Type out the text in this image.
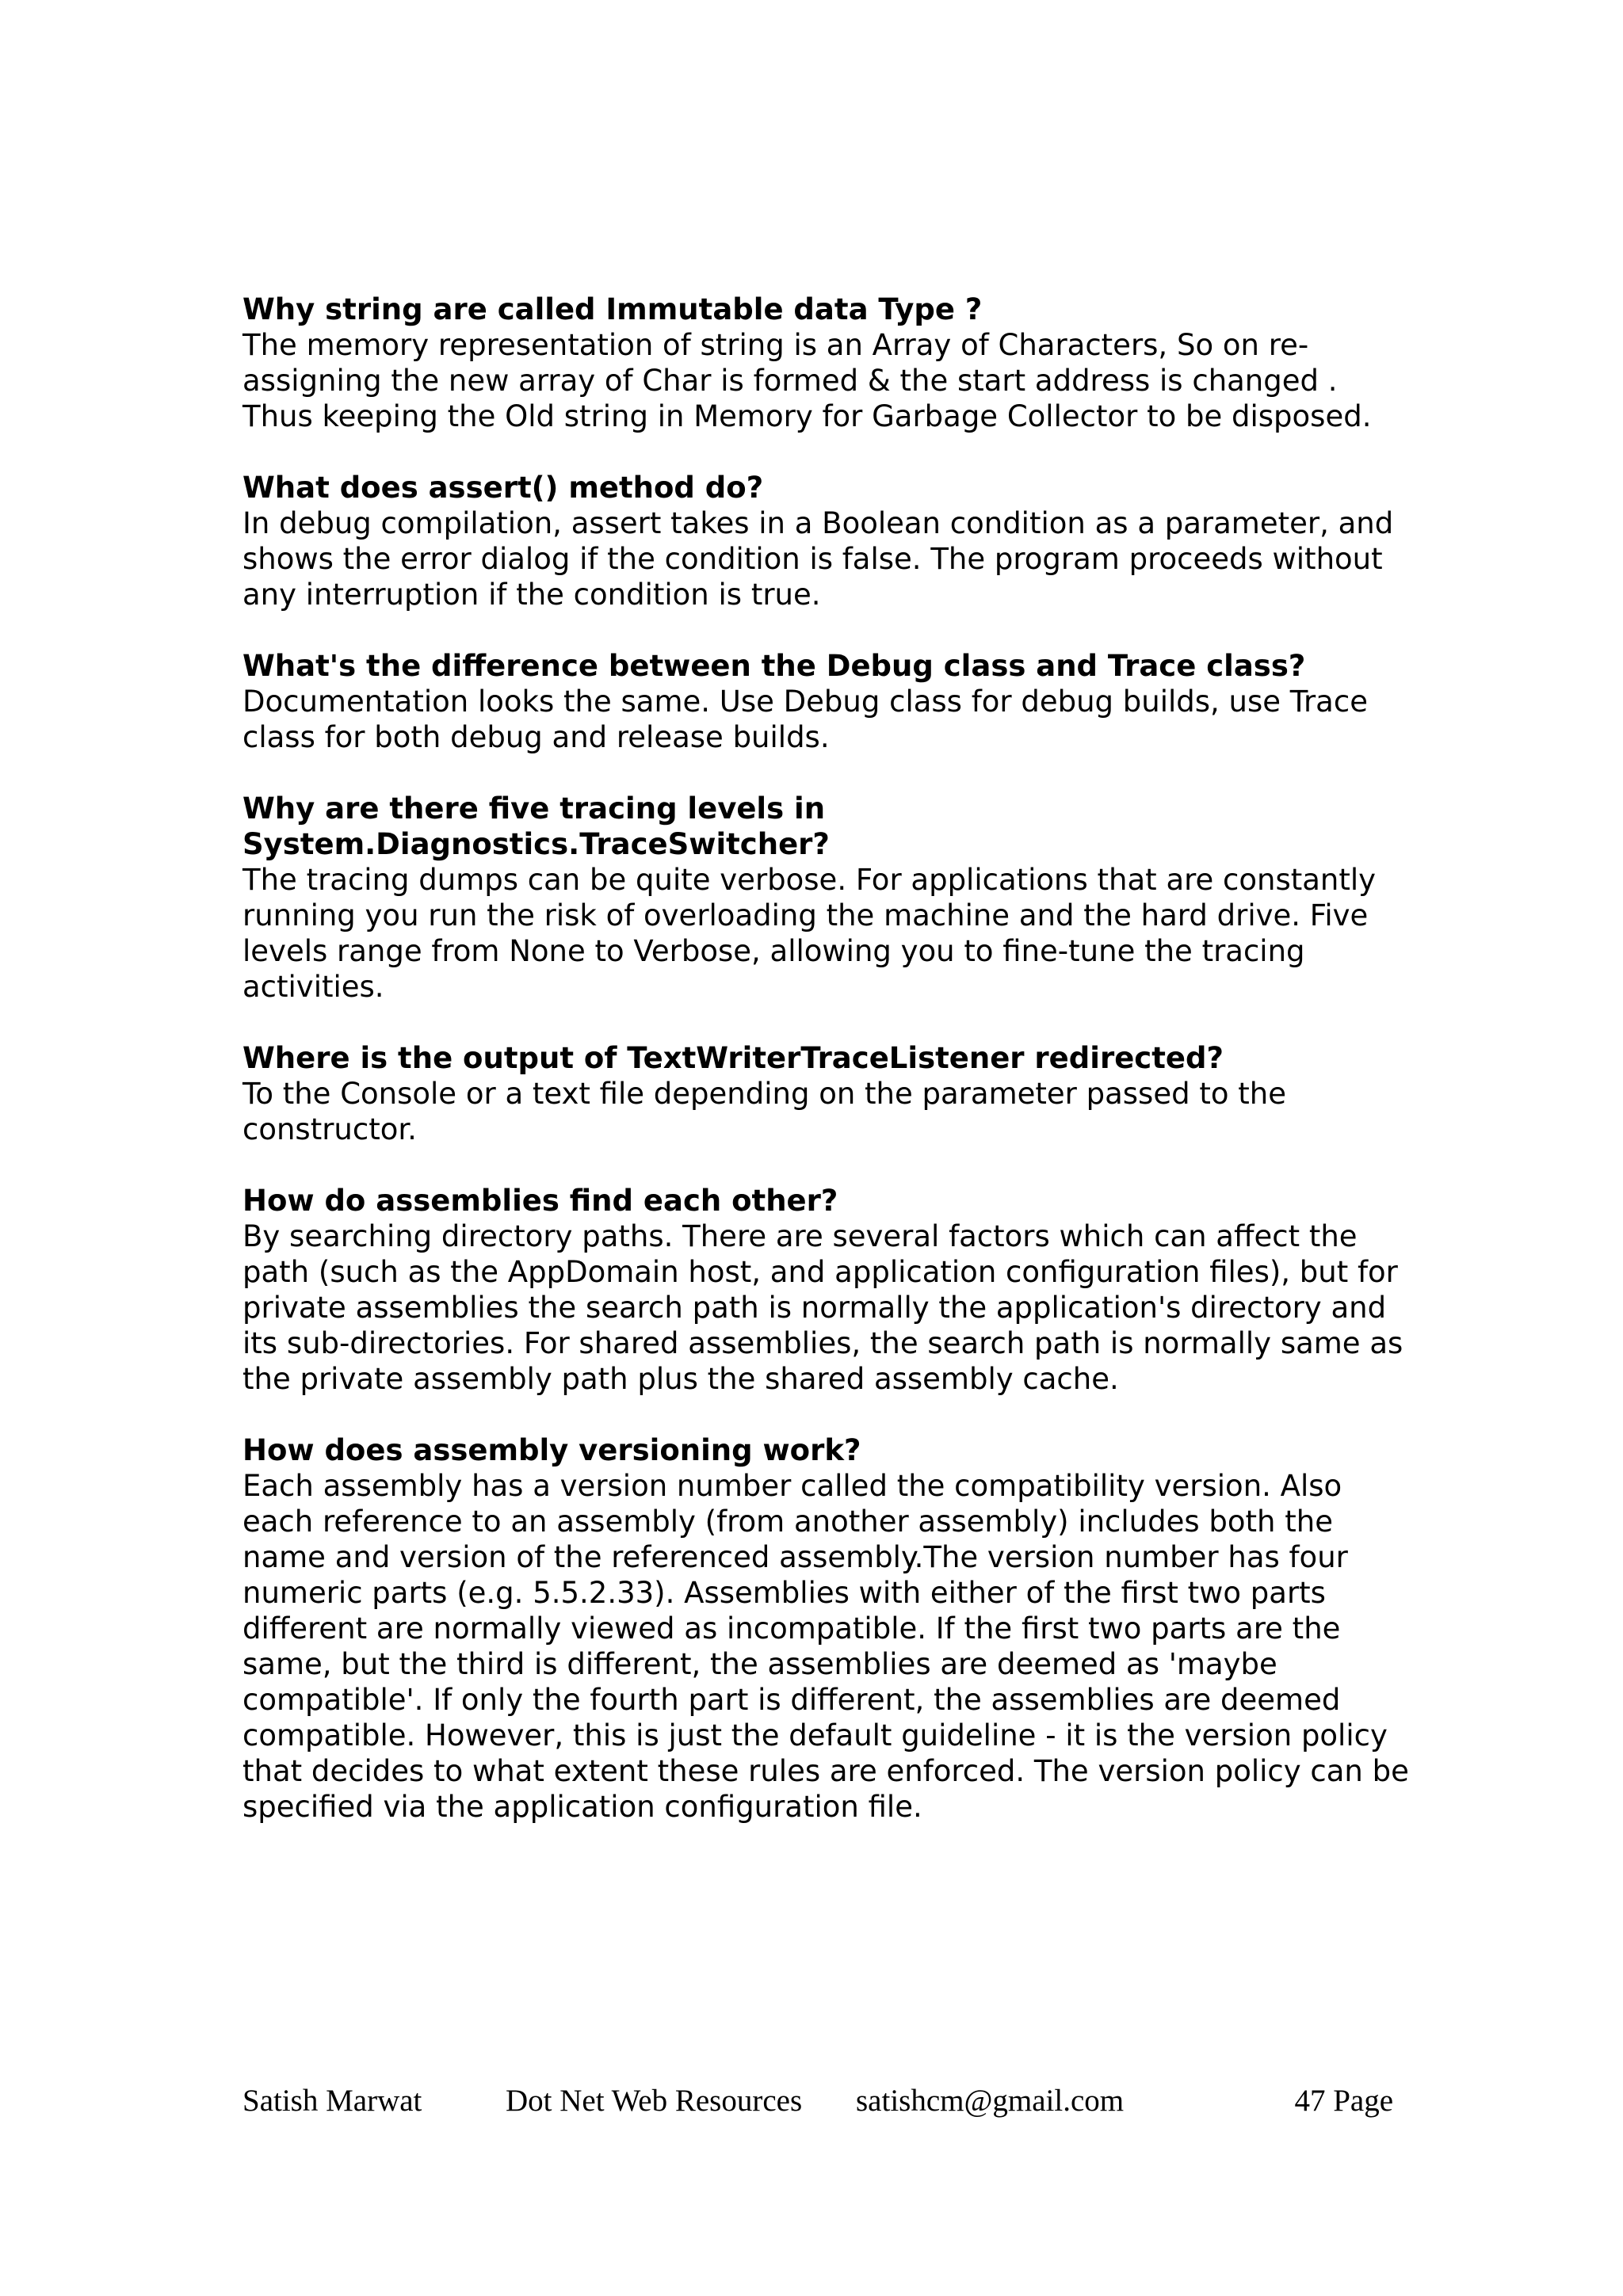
Why string are called Immutable data Type ?

The memory representation of string is an Array of Characters, So on re-assigning the new array of Char is formed & the start address is changed . Thus keeping the Old string in Memory for Garbage Collector to be disposed.

What does assert() method do?

In debug compilation, assert takes in a Boolean condition as a parameter, and shows the error dialog if the condition is false. The program proceeds without any interruption if the condition is true.

What's the difference between the Debug class and Trace class?

Documentation looks the same. Use Debug class for debug builds, use Trace class for both debug and release builds.

Why are there five tracing levels in System.Diagnostics.TraceSwitcher?

The tracing dumps can be quite verbose. For applications that are constantly running you run the risk of overloading the machine and the hard drive. Five levels range from None to Verbose, allowing you to fine-tune the tracing activities.

Where is the output of TextWriterTraceListener redirected?

To the Console or a text file depending on the parameter passed to the constructor.

How do assemblies find each other?

By searching directory paths. There are several factors which can affect the path (such as the AppDomain host, and application configuration files), but for private assemblies the search path is normally the application's directory and its sub-directories. For shared assemblies, the search path is normally same as the private assembly path plus the shared assembly cache.

How does assembly versioning work?

Each assembly has a version number called the compatibility version. Also each reference to an assembly (from another assembly) includes both the name and version of the referenced assembly.The version number has four numeric parts (e.g. 5.5.2.33). Assemblies with either of the first two parts different are normally viewed as incompatible. If the first two parts are the same, but the third is different, the assemblies are deemed as 'maybe compatible'. If only the fourth part is different, the assemblies are deemed compatible. However, this is just the default guideline - it is the version policy that decides to what extent these rules are enforced. The version policy can be specified via the application configuration file.

Satish Marwat	Dot Net Web Resources satishcm@gmail.com	47 Page
